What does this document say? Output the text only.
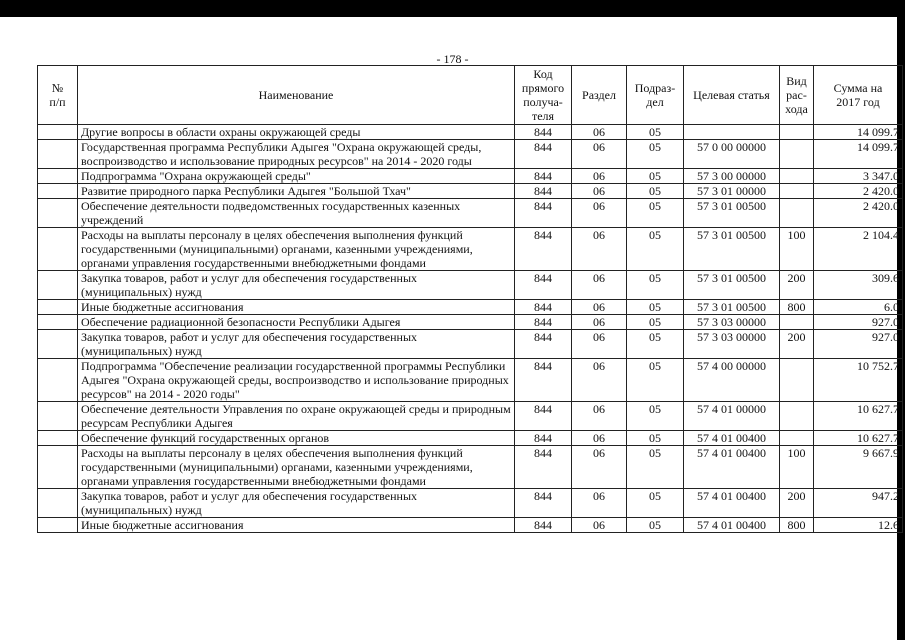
- 178 -
№
п/п	Наименование	Код
прямого
получа-
теля	Раздел	Подраз-
дел	Целевая статья	Вид
рас-
хода	Сумма на
2017 год
	Другие вопросы в области охраны окружающей среды	844	06	05			14 099.7
	Государственная программа Республики Адыгея "Охрана окружающей среды, воспроизводство и использование природных ресурсов" на 2014 - 2020 годы	844	06	05	57 0 00 00000		14 099.7
	Подпрограмма "Охрана окружающей среды"	844	06	05	57 3 00 00000		3 347.0
	Развитие природного парка Республики Адыгея "Большой Тхач"	844	06	05	57 3 01 00000		2 420.0
	Обеспечение деятельности подведомственных государственных казенных учреждений	844	06	05	57 3 01 00500		2 420.0
	Расходы на выплаты персоналу в целях обеспечения выполнения функций государственными (муниципальными) органами, казенными учреждениями, органами управления государственными внебюджетными фондами	844	06	05	57 3 01 00500	100	2 104.4
	Закупка товаров, работ и услуг для обеспечения государственных (муниципальных) нужд	844	06	05	57 3 01 00500	200	309.6
	Иные бюджетные ассигнования	844	06	05	57 3 01 00500	800	6.0
	Обеспечение радиационной безопасности Республики Адыгея	844	06	05	57 3 03 00000		927.0
	Закупка товаров, работ и услуг для обеспечения государственных (муниципальных) нужд	844	06	05	57 3 03 00000	200	927.0
	Подпрограмма "Обеспечение реализации государственной программы Республики Адыгея "Охрана окружающей среды, воспроизводство и использование природных ресурсов" на 2014 - 2020 годы"	844	06	05	57 4 00 00000		10 752.7
	Обеспечение деятельности Управления по охране окружающей среды и природным ресурсам Республики Адыгея	844	06	05	57 4 01 00000		10 627.7
	Обеспечение функций государственных органов	844	06	05	57 4 01 00400		10 627.7
	Расходы на выплаты персоналу в целях обеспечения выполнения функций государственными (муниципальными) органами, казенными учреждениями, органами управления государственными внебюджетными фондами	844	06	05	57 4 01 00400	100	9 667.9
	Закупка товаров, работ и услуг для обеспечения государственных (муниципальных) нужд	844	06	05	57 4 01 00400	200	947.2
	Иные бюджетные ассигнования	844	06	05	57 4 01 00400	800	12.6
